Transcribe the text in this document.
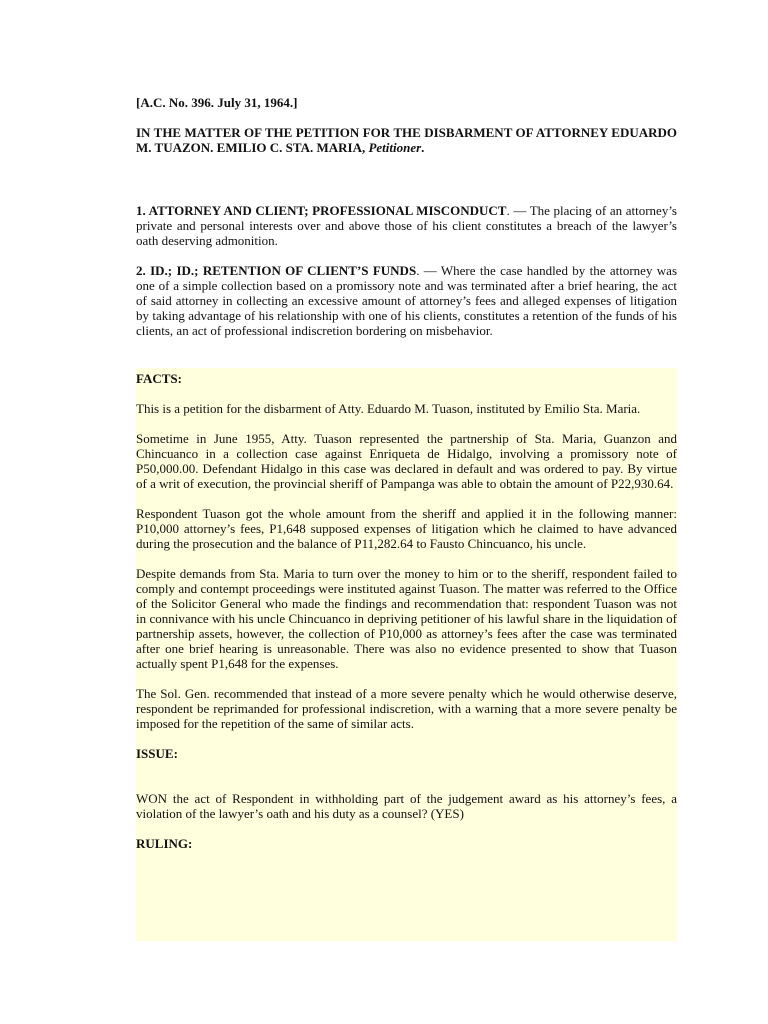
[A.C. No. 396. July 31, 1964.]

IN THE MATTER OF THE PETITION FOR THE DISBARMENT OF ATTORNEY EDUARDO M. TUAZON. EMILIO C. STA. MARIA, Petitioner.

1. ATTORNEY AND CLIENT; PROFESSIONAL MISCONDUCT. — The placing of an attorney’s private and personal interests over and above those of his client constitutes a breach of the lawyer’s oath deserving admonition.

2. ID.; ID.; RETENTION OF CLIENT’S FUNDS. — Where the case handled by the attorney was one of a simple collection based on a promissory note and was terminated after a brief hearing, the act of said attorney in collecting an excessive amount of attorney’s fees and alleged expenses of litigation by taking advantage of his relationship with one of his clients, constitutes a retention of the funds of his clients, an act of professional indiscretion bordering on misbehavior.

FACTS:

This is a petition for the disbarment of Atty. Eduardo M. Tuason, instituted by Emilio Sta. Maria.

Sometime in June 1955, Atty. Tuason represented the partnership of Sta. Maria, Guanzon and Chincuanco in a collection case against Enriqueta de Hidalgo, involving a promissory note of P50,000.00. Defendant Hidalgo in this case was declared in default and was ordered to pay. By virtue of a writ of execution, the provincial sheriff of Pampanga was able to obtain the amount of P22,930.64.

Respondent Tuason got the whole amount from the sheriff and applied it in the following manner: P10,000 attorney’s fees, P1,648 supposed expenses of litigation which he claimed to have advanced during the prosecution and the balance of P11,282.64 to Fausto Chincuanco, his uncle.

Despite demands from Sta. Maria to turn over the money to him or to the sheriff, respondent failed to comply and contempt proceedings were instituted against Tuason. The matter was referred to the Office of the Solicitor General who made the findings and recommendation that: respondent Tuason was not in connivance with his uncle Chincuanco in depriving petitioner of his lawful share in the liquidation of partnership assets, however, the collection of P10,000 as attorney’s fees after the case was terminated after one brief hearing is unreasonable. There was also no evidence presented to show that Tuason actually spent P1,648 for the expenses.

The Sol. Gen. recommended that instead of a more severe penalty which he would otherwise deserve, respondent be reprimanded for professional indiscretion, with a warning that a more severe penalty be imposed for the repetition of the same of similar acts.

ISSUE:

WON the act of Respondent in withholding part of the judgement award as his attorney’s fees, a violation of the lawyer’s oath and his duty as a counsel? (YES)

RULING:
